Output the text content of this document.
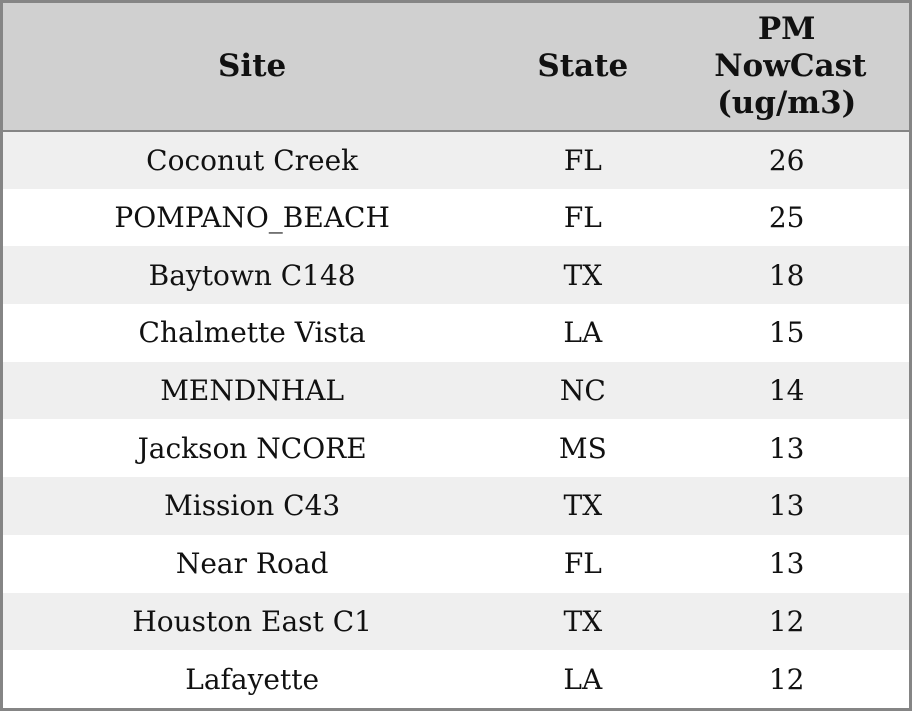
Site	State	PM NowCast (ug/m3)
Coconut Creek	FL	26
POMPANO_BEACH	FL	25
Baytown C148	TX	18
Chalmette Vista	LA	15
MENDNHAL	NC	14
Jackson NCORE	MS	13
Mission C43	TX	13
Near Road	FL	13
Houston East C1	TX	12
Lafayette	LA	12
